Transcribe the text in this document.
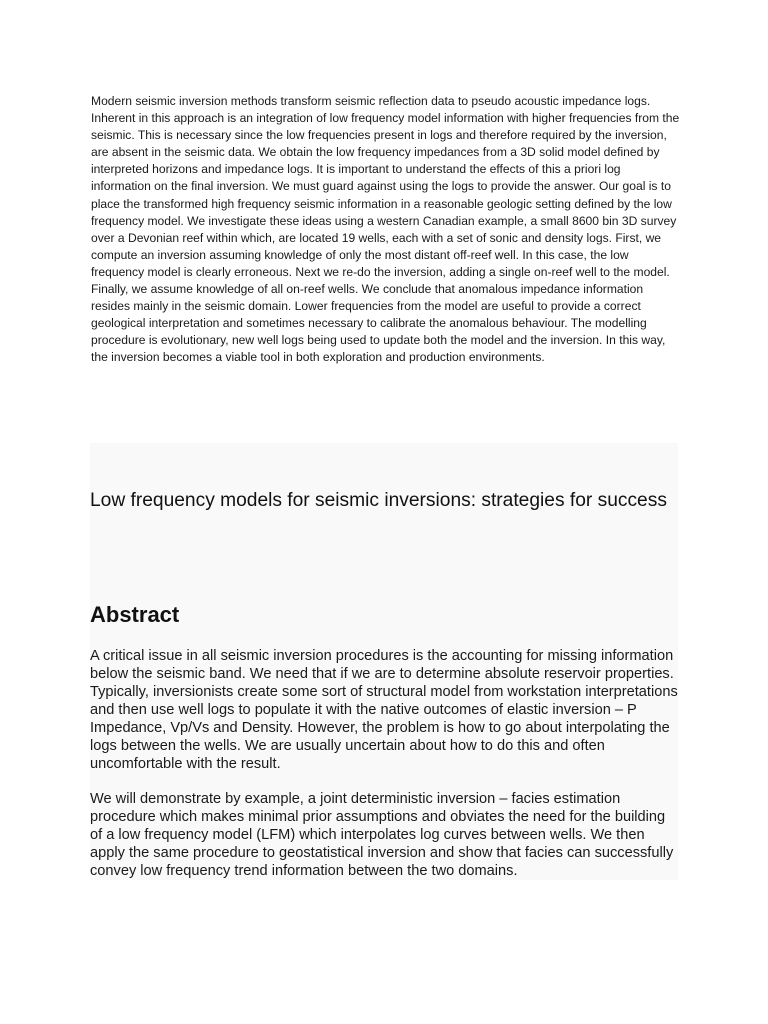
Modern seismic inversion methods transform seismic reflection data to pseudo acoustic impedance logs. Inherent in this approach is an integration of low frequency model information with higher frequencies from the seismic. This is necessary since the low frequencies present in logs and therefore required by the inversion, are absent in the seismic data. We obtain the low frequency impedances from a 3D solid model defined by interpreted horizons and impedance logs. It is important to understand the effects of this a priori log information on the final inversion. We must guard against using the logs to provide the answer. Our goal is to place the transformed high frequency seismic information in a reasonable geologic setting defined by the low frequency model. We investigate these ideas using a western Canadian example, a small 8600 bin 3D survey over a Devonian reef within which, are located 19 wells, each with a set of sonic and density logs. First, we compute an inversion assuming knowledge of only the most distant off-reef well. In this case, the low frequency model is clearly erroneous. Next we re-do the inversion, adding a single on-reef well to the model. Finally, we assume knowledge of all on-reef wells. We conclude that anomalous impedance information resides mainly in the seismic domain. Lower frequencies from the model are useful to provide a correct geological interpretation and sometimes necessary to calibrate the anomalous behaviour. The modelling procedure is evolutionary, new well logs being used to update both the model and the inversion. In this way, the inversion becomes a viable tool in both exploration and production environments.

Low frequency models for seismic inversions: strategies for success
Abstract

A critical issue in all seismic inversion procedures is the accounting for missing information below the seismic band. We need that if we are to determine absolute reservoir properties. Typically, inversionists create some sort of structural model from workstation interpretations and then use well logs to populate it with the native outcomes of elastic inversion – P Impedance, Vp/Vs and Density. However, the problem is how to go about interpolating the logs between the wells. We are usually uncertain about how to do this and often uncomfortable with the result.

We will demonstrate by example, a joint deterministic inversion – facies estimation procedure which makes minimal prior assumptions and obviates the need for the building of a low frequency model (LFM) which interpolates log curves between wells. We then apply the same procedure to geostatistical inversion and show that facies can successfully convey low frequency trend information between the two domains.
